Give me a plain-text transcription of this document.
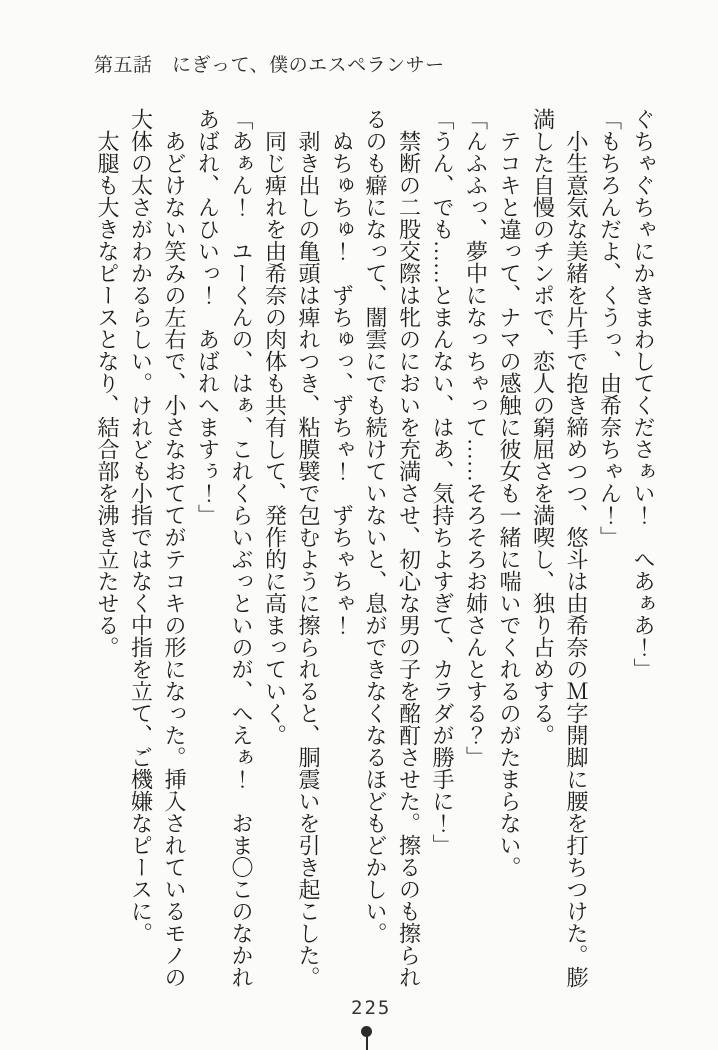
第五話　にぎって、僕のエスペランサー

ぐちゃぐちゃにかきまわしてくださぁい！　へあぁあ！」

「もちろんだよ、くうっ、由希奈ちゃん！」

　小生意気な美緒を片手で抱き締めつつ、悠斗は由希奈のＭ字開脚に腰を打ちつけた。膨

満した自慢のチンポで、恋人の窮屈さを満喫し、独り占めする。

　テコキと違って、ナマの感触に彼女も一緒に喘いでくれるのがたまらない。

「んふふっ、夢中になっちゃって……そろそろお姉さんとする？」

「うん、でも……とまんない、はあ、気持ちよすぎて、カラダが勝手に！」

　禁断の二股交際は牝のにおいを充満させ、初心な男の子を酩酊させた。擦るのも擦られ

るのも癖になって、闇雲にでも続けていないと、息ができなくなるほどもどかしい。

　ぬちゅちゅ！　ずちゅっ、ずちゃ！　ずちゃちゃ！

　剥き出しの亀頭は痺れつき、粘膜襞で包むように擦られると、胴震いを引き起こした。

　同じ痺れを由希奈の肉体も共有して、発作的に高まっていく。

「あぁん！　ユーくんの、はぁ、これくらいぶっといのが、へえぁ！　おま〇このなかれ

あばれ、んひいっ！　あばれへますぅ！」

　あどけない笑みの左右で、小さなおててがテコキの形になった。挿入されているモノの

大体の太さがわかるらしい。けれども小指ではなく中指を立て、ご機嫌なピースに。

　太腿も大きなピースとなり、結合部を沸き立たせる。

225
